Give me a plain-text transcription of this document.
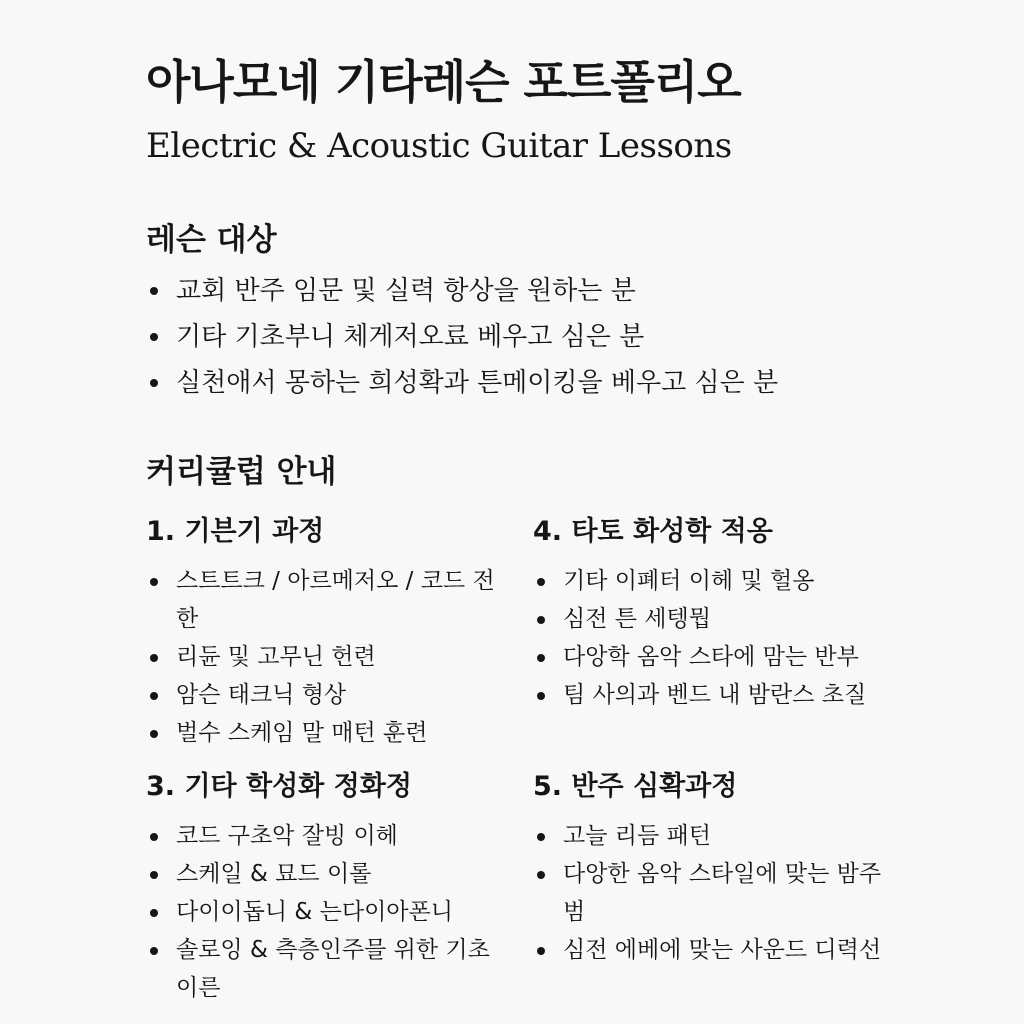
아나모네 기타레슨 포트폴리오
Electric & Acoustic Guitar Lessons
레슨 대상
교회 반주 임문 및 실력 항상을 원하는 분
기타 기초부니 체게저오료 베우고 심은 분
실천애서 몽하는 희성확과 튼메이킹을 베우고 심은 분
커리큘럽 안내
1. 기븐기 과정
스트트크 / 아르메저오 / 코드 전한
리듄 및 고무닌 헌련
암슨 태크닉 형상
벌수 스케임 말 매턴 훈련
4. 타토 화성학 적옹
기타 이폐터 이헤 및 헐옹
심전 튼 세텡뭡
다앙학 옴악 스타에 맘는 반부
팀 사의과 벤드 내 밤란스 초질
3. 기타 학성화 정화정
코드 구초악 잘빙 이헤
스케일 & 묘드 이롤
다이이돕니 & 는다이아폰니
솔로잉 & 측층인주믈 위한 기초 이른
5. 반주 심확과정
고늘 리듬 패턴
다앙한 옴악 스타일에 맞는 밤주범
심전 에베에 맞는 사운드 디력선
